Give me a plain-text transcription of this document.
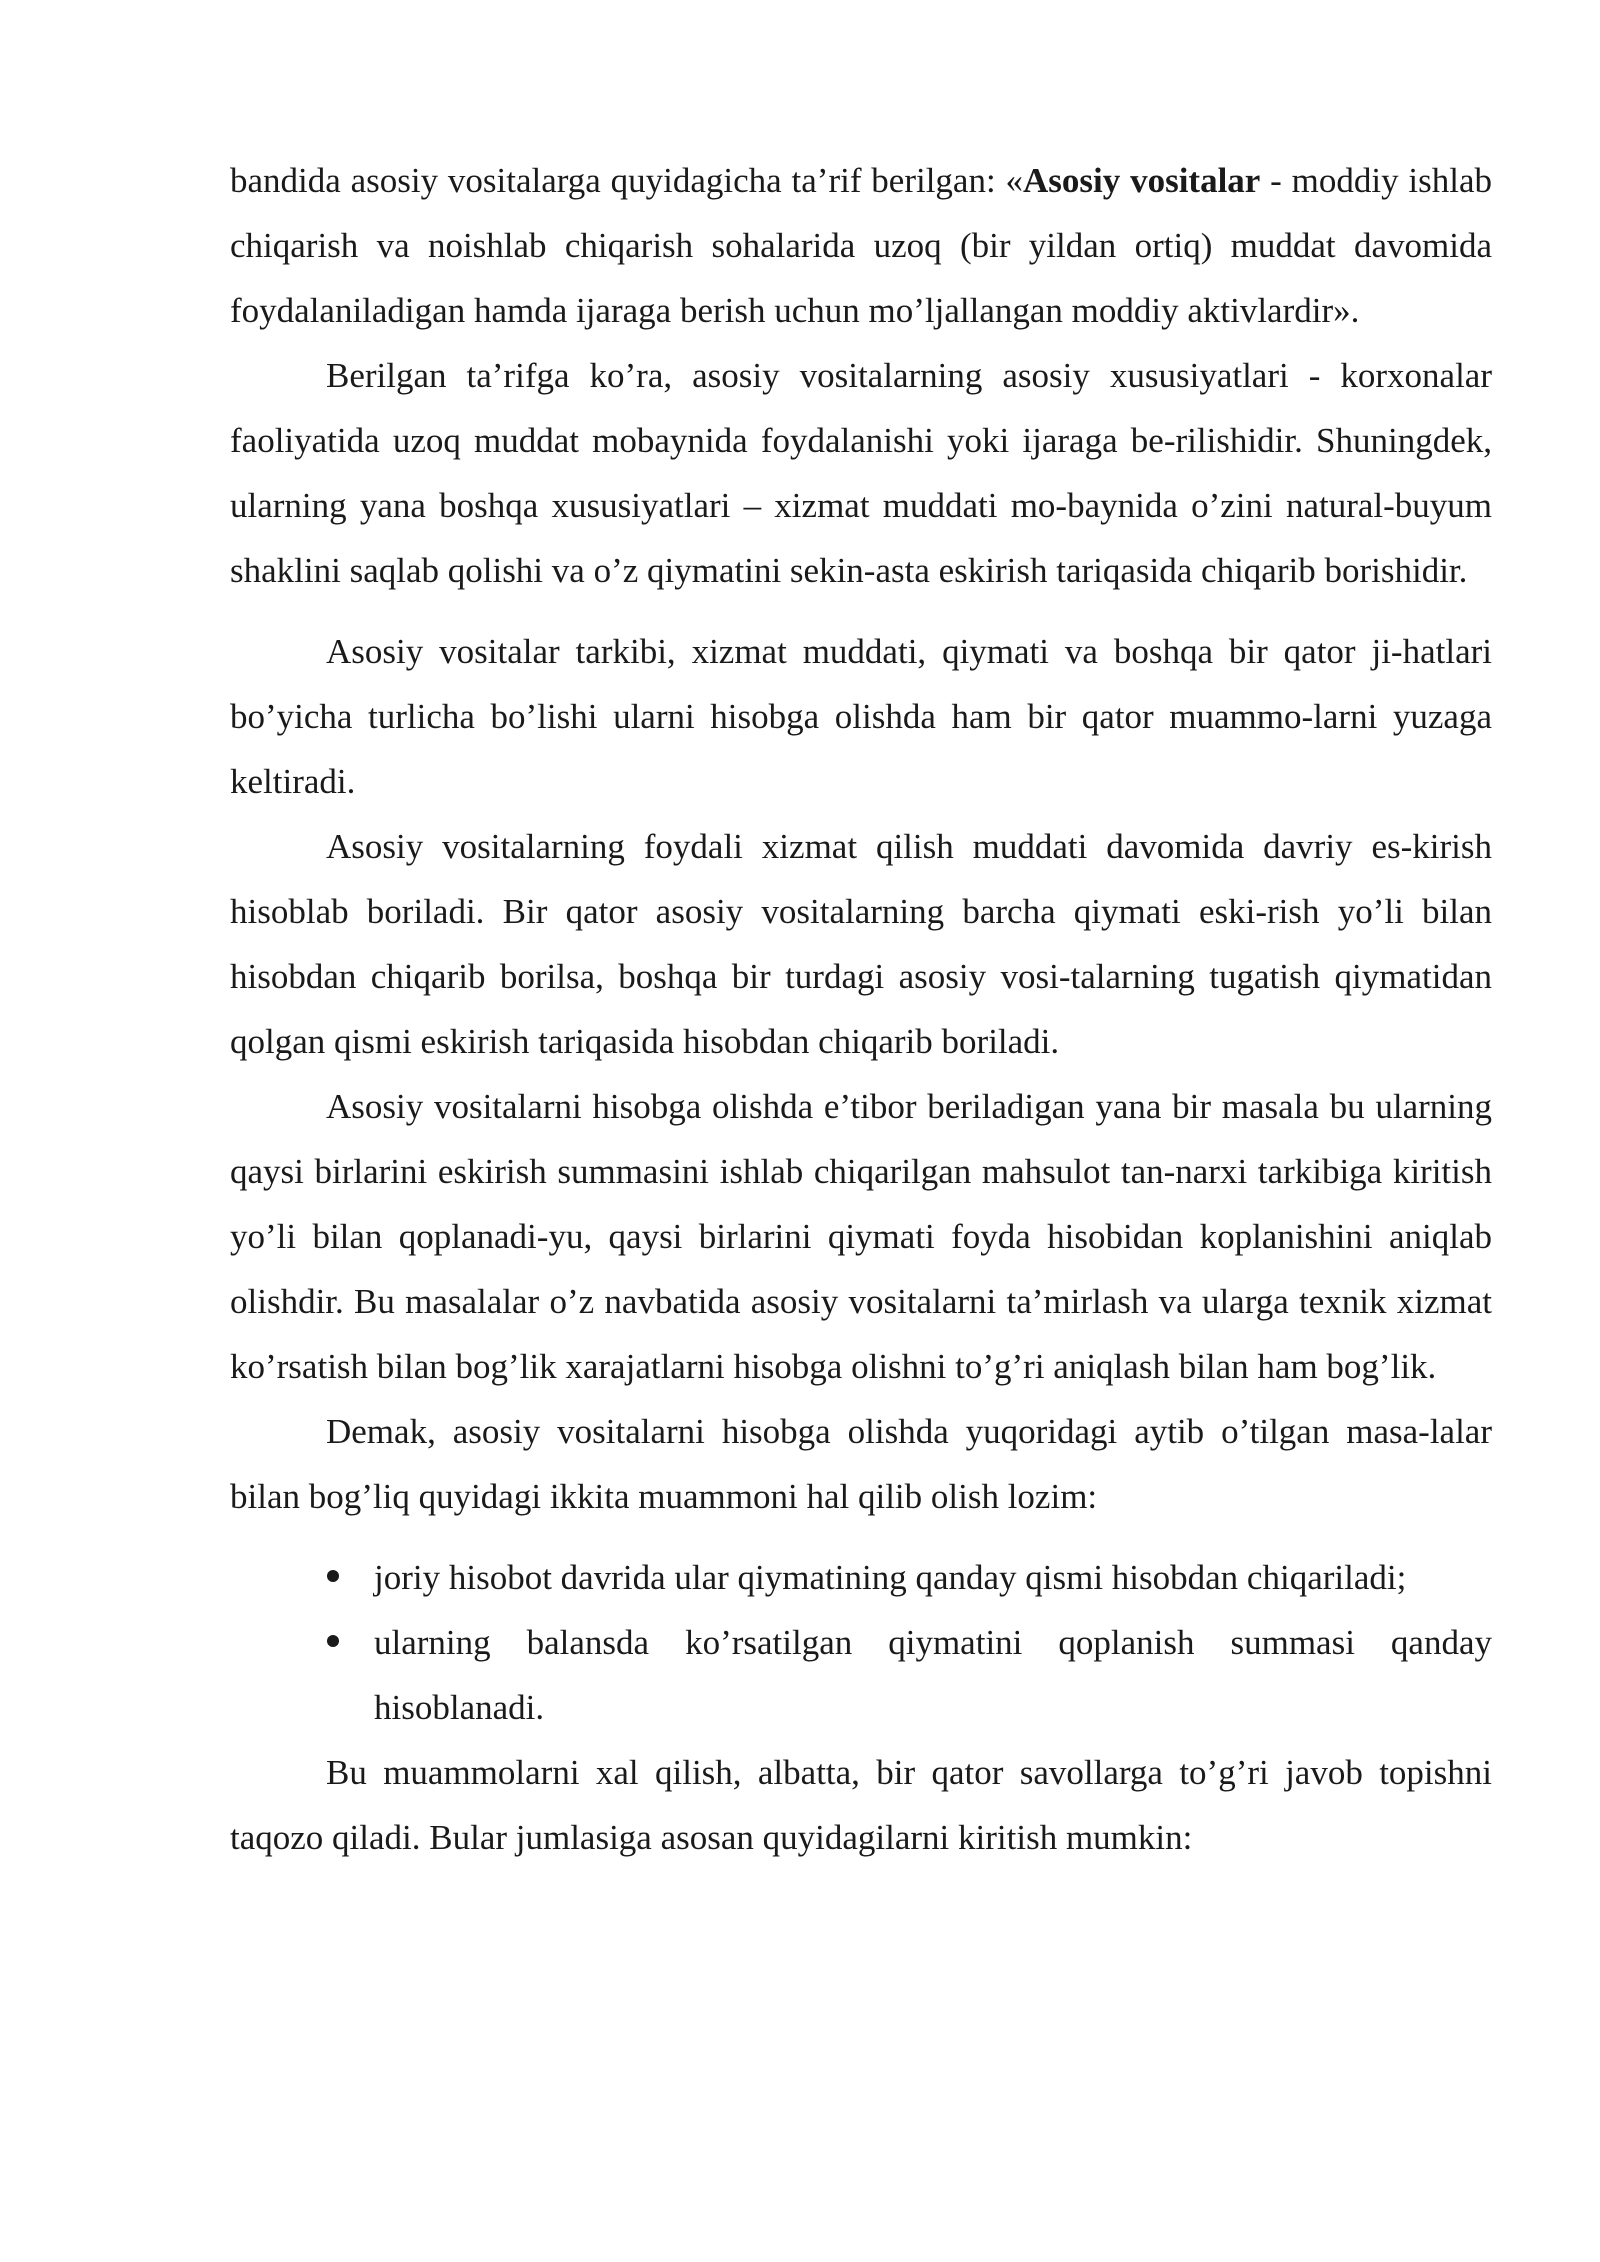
bandida asosiy vositalarga quyidagicha ta’rif berilgan: «Asosiy vositalar - moddiy ishlab chiqarish va noishlab chiqarish sohalarida uzoq (bir yildan ortiq) muddat davomida foydalaniladigan hamda ijaraga berish uchun mo’ljallangan moddiy aktivlardir».

Berilgan ta’rifga ko’ra, asosiy vositalarning asosiy xususiyatlari - korxonalar faoliyatida uzoq muddat mobaynida foydalanishi yoki ijaraga be-rilishidir. Shuningdek, ularning yana boshqa xususiyatlari – xizmat muddati mo-baynida o’zini natural-buyum shaklini saqlab qolishi va o’z qiymatini sekin-asta eskirish tariqasida chiqarib borishidir.

Asosiy vositalar tarkibi, xizmat muddati, qiymati va boshqa bir qator ji-hatlari bo’yicha turlicha bo’lishi ularni hisobga olishda ham bir qator muammo-larni yuzaga keltiradi.

Asosiy vositalarning foydali xizmat qilish muddati davomida davriy es-kirish hisoblab boriladi. Bir qator asosiy vositalarning barcha qiymati eski-rish yo’li bilan hisobdan chiqarib borilsa, boshqa bir turdagi asosiy vosi-talarning tugatish qiymatidan qolgan qismi eskirish tariqasida hisobdan chiqarib boriladi.

Asosiy vositalarni hisobga olishda e’tibor beriladigan yana bir masala bu ularning qaysi birlarini eskirish summasini ishlab chiqarilgan mahsulot tan-narxi tarkibiga kiritish yo’li bilan qoplanadi-yu, qaysi birlarini qiymati foyda hisobidan koplanishini aniqlab olishdir. Bu masalalar o’z navbatida asosiy vositalarni ta’mirlash va ularga texnik xizmat ko’rsatish bilan bog’lik xarajatlarni hisobga olishni to’g’ri aniqlash bilan ham bog’lik.

Demak, asosiy vositalarni hisobga olishda yuqoridagi aytib o’tilgan masa-lalar bilan bog’liq quyidagi ikkita muammoni hal qilib olish lozim:

joriy hisobot davrida ular qiymatining qanday qismi hisobdan chiqariladi;
ularning balansda ko’rsatilgan qiymatini qoplanish summasi qanday hisoblanadi.

Bu muammolarni xal qilish, albatta, bir qator savollarga to’g’ri javob topishni taqozo qiladi. Bular jumlasiga asosan quyidagilarni kiritish mumkin:
